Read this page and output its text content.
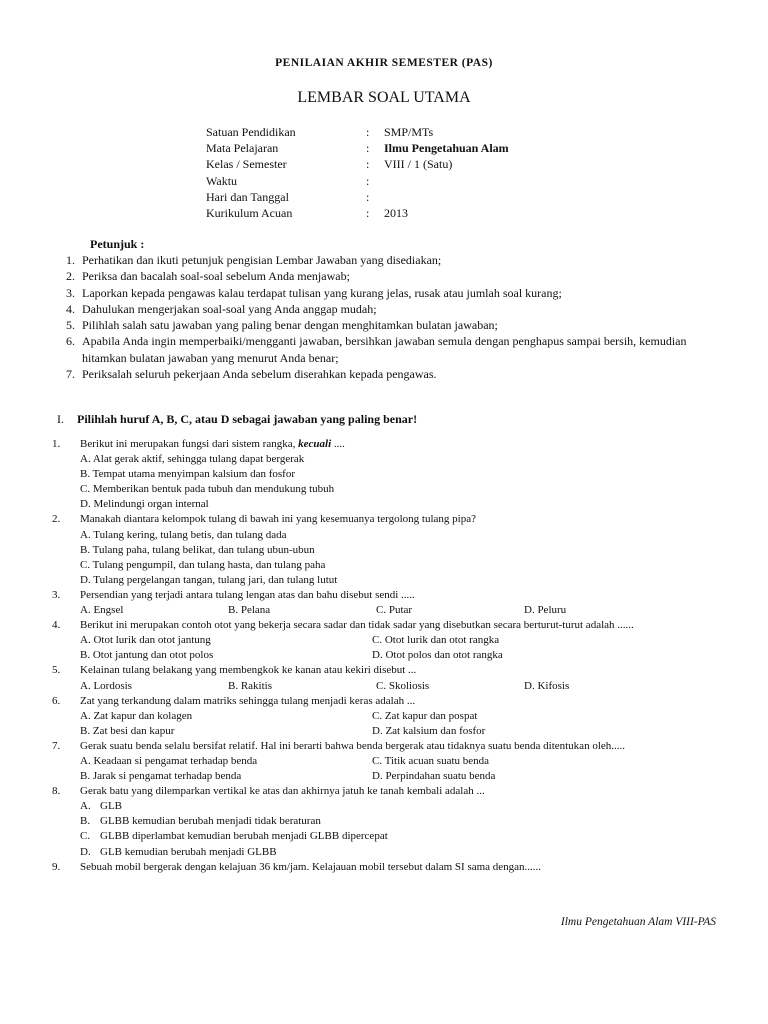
PENILAIAN AKHIR SEMESTER (PAS)
LEMBAR SOAL UTAMA
Satuan Pendidikan	:	SMP/MTs
Mata Pelajaran	:	Ilmu Pengetahuan Alam
Kelas / Semester	:	VIII / 1 (Satu)
Waktu	:
Hari dan Tanggal	:
Kurikulum Acuan	:	2013
Petunjuk :
1. Perhatikan dan ikuti petunjuk pengisian Lembar Jawaban yang disediakan;
2. Periksa dan bacalah soal-soal sebelum Anda menjawab;
3. Laporkan kepada pengawas kalau terdapat tulisan yang kurang jelas, rusak atau jumlah soal kurang;
4. Dahulukan mengerjakan soal-soal yang Anda anggap mudah;
5. Pilihlah salah satu jawaban yang paling benar dengan menghitamkan bulatan jawaban;
6. Apabila Anda ingin memperbaiki/mengganti jawaban, bersihkan jawaban semula dengan penghapus sampai bersih, kemudian hitamkan bulatan jawaban yang menurut Anda benar;
7. Periksalah seluruh pekerjaan Anda sebelum diserahkan kepada pengawas.
I.	Pilihlah huruf A, B, C, atau D sebagai jawaban yang paling benar!
1.	Berikut ini merupakan fungsi dari sistem rangka, kecuali ....
A. Alat gerak aktif, sehingga tulang dapat bergerak
B. Tempat utama menyimpan kalsium dan fosfor
C. Memberikan bentuk pada tubuh dan mendukung tubuh
D. Melindungi organ internal
2.	Manakah diantara kelompok tulang di bawah ini yang kesemuanya tergolong tulang pipa?
A. Tulang kering, tulang betis, dan tulang dada
B. Tulang paha, tulang belikat, dan tulang ubun-ubun
C. Tulang pengumpil, dan tulang hasta, dan tulang paha
D. Tulang pergelangan tangan, tulang jari, dan tulang lutut
3.	Persendian yang terjadi antara tulang lengan atas dan bahu disebut sendi .....
A. Engsel	B. Pelana	C. Putar	D. Peluru
4.	Berikut ini merupakan contoh otot yang bekerja secara sadar dan tidak sadar yang disebutkan secara berturut-turut adalah ......
A. Otot lurik dan otot jantung	C. Otot lurik dan otot rangka
B. Otot jantung dan otot polos	D. Otot polos dan otot rangka
5.	Kelainan tulang belakang yang membengkok ke kanan atau kekiri disebut ...
A. Lordosis	B. Rakitis	C. Skoliosis	D. Kifosis
6.	Zat yang terkandung dalam matriks sehingga tulang menjadi keras adalah ...
A. Zat kapur dan kolagen	C. Zat kapur dan pospat
B. Zat besi dan kapur	D. Zat kalsium dan fosfor
7.	Gerak suatu benda selalu bersifat relatif. Hal ini berarti bahwa benda bergerak atau tidaknya suatu benda ditentukan oleh.....
A. Keadaan si pengamat terhadap benda	C. Titik acuan suatu benda
B. Jarak si pengamat terhadap benda	D. Perpindahan suatu benda
8.	Gerak batu yang dilemparkan vertikal ke atas dan akhirnya jatuh ke tanah kembali adalah ...
A. GLB
B. GLBB kemudian berubah menjadi tidak beraturan
C. GLBB diperlambat kemudian berubah menjadi GLBB dipercepat
D. GLB kemudian berubah menjadi GLBB
9.	Sebuah mobil bergerak dengan kelajuan 36 km/jam. Kelajauan mobil tersebut dalam SI sama dengan......
Ilmu Pengetahuan Alam VIII-PAS
